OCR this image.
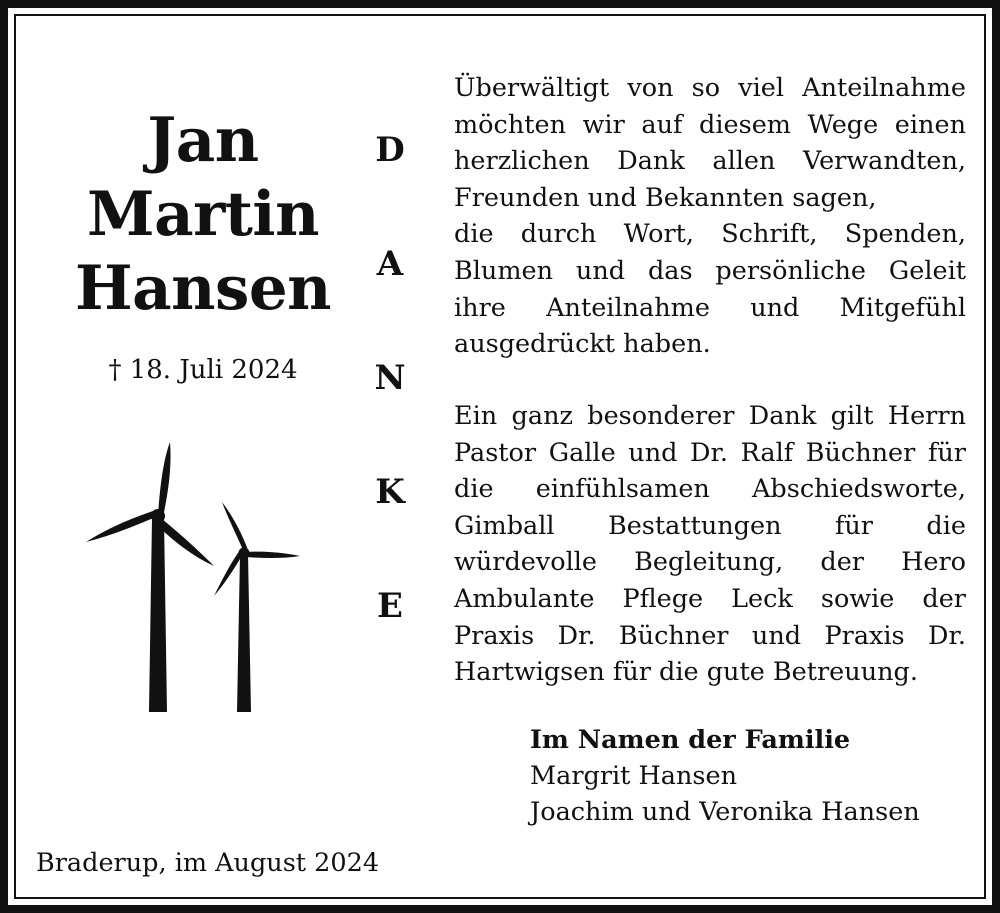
Jan
Martin
Hansen
† 18. Juli 2024
D
A
N
K
E
Überwältigt von so viel Anteilnahme
möchten wir auf diesem Wege einen
herzlichen Dank allen Verwandten,
Freunden und Bekannten sagen,
die durch Wort, Schrift, Spenden,
Blumen und das persönliche Geleit
ihre Anteilnahme und Mitgefühl
ausgedrückt haben.
Ein ganz besonderer Dank gilt Herrn
Pastor Galle und Dr. Ralf Büchner für
die einfühlsamen Abschiedsworte,
Gimball Bestattungen für die
würdevolle Begleitung, der Hero
Ambulante Pflege Leck sowie der
Praxis Dr. Büchner und Praxis Dr.
Hartwigsen für die gute Betreuung.
Im Namen der Familie
Margrit Hansen
Joachim und Veronika Hansen
Braderup, im August 2024
